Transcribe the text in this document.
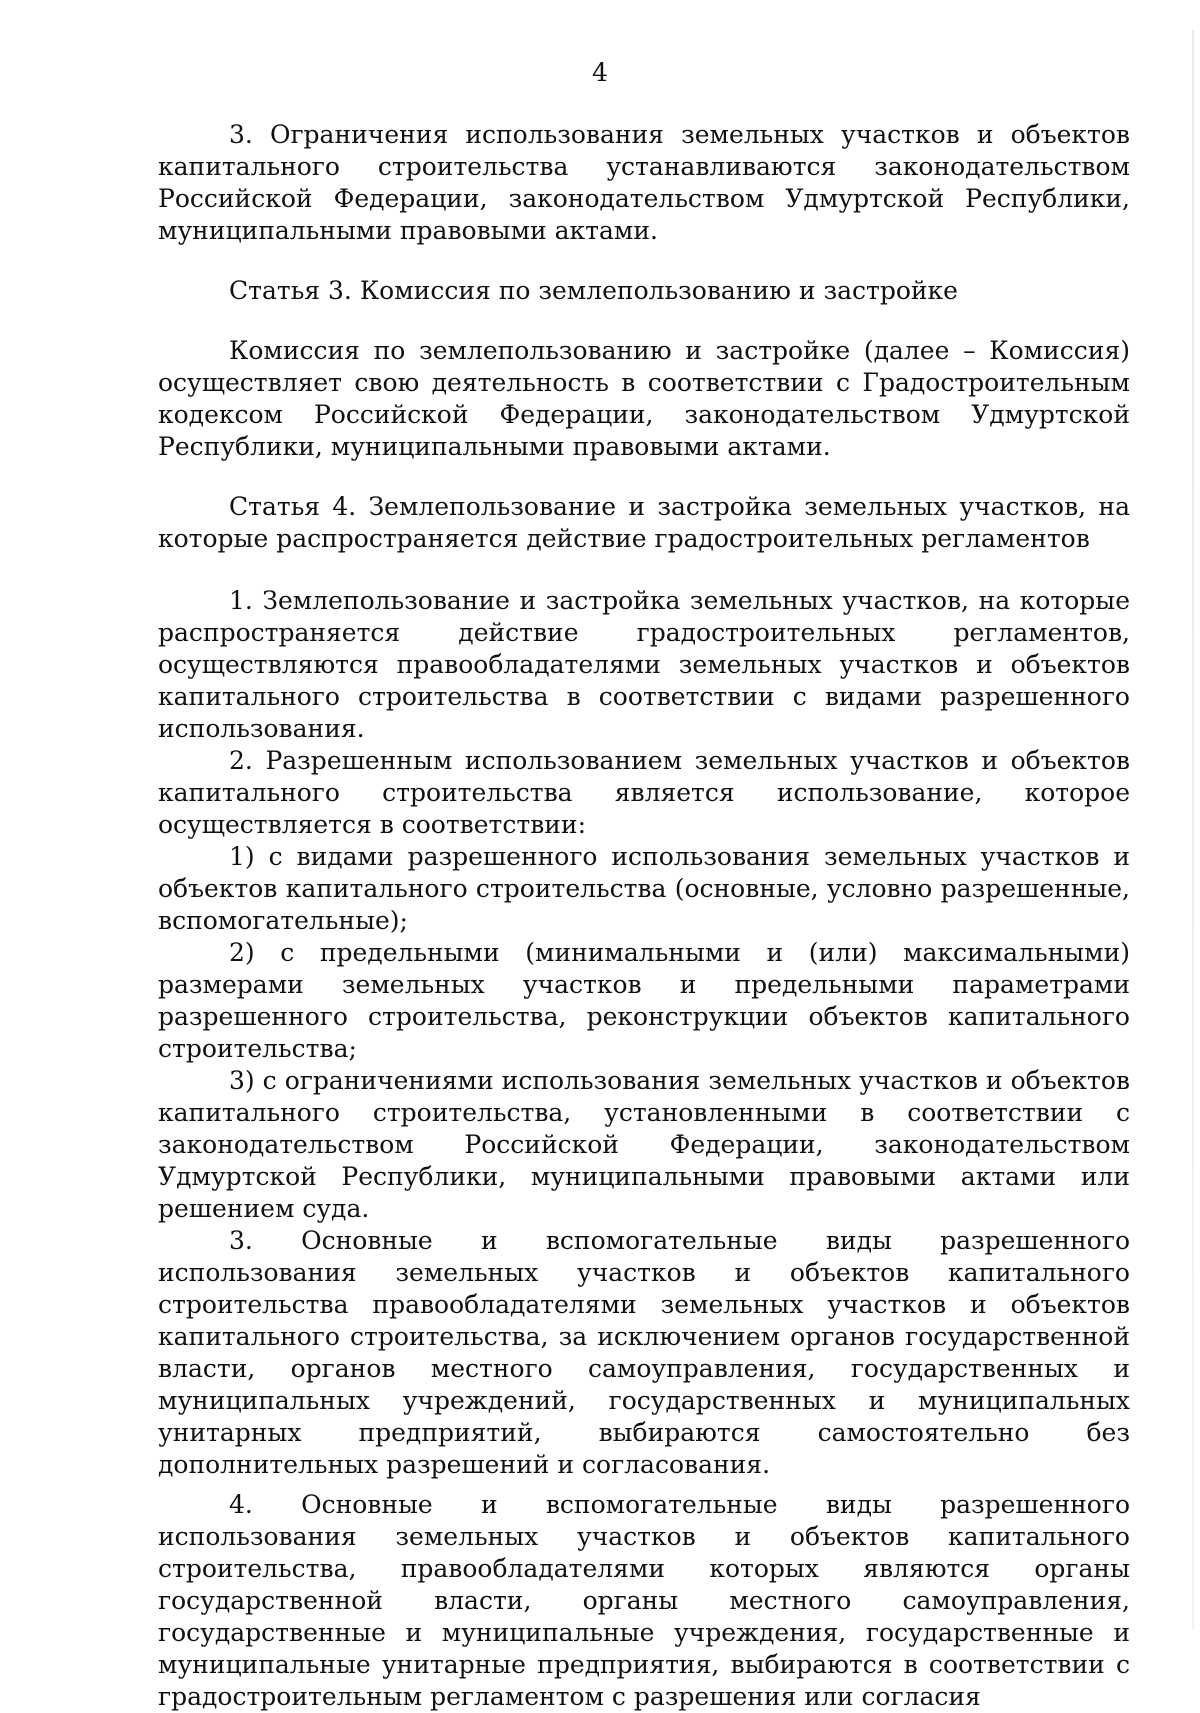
4

3. Ограничения использования земельных участков и объектов капитального строительства устанавливаются законодательством Российской Федерации, законодательством Удмуртской Республики, муниципальными правовыми актами.

Статья 3. Комиссия по землепользованию и застройке

Комиссия по землепользованию и застройке (далее – Комиссия) осуществляет свою деятельность в соответствии с Градостроительным кодексом Российской Федерации, законодательством Удмуртской Республики, муниципальными правовыми актами.

Статья 4. Землепользование и застройка земельных участков, на которые распространяется действие градостроительных регламентов

1. Землепользование и застройка земельных участков, на которые распространяется действие градостроительных регламентов, осуществляются правообладателями земельных участков и объектов капитального строительства в соответствии с видами разрешенного использования.

2. Разрешенным использованием земельных участков и объектов капитального строительства является использование, которое осуществляется в соответствии:

1) с видами разрешенного использования земельных участков и объектов капитального строительства (основные, условно разрешенные, вспомогательные);

2) с предельными (минимальными и (или) максимальными) размерами земельных участков и предельными параметрами разрешенного строительства, реконструкции объектов капитального строительства;

3) с ограничениями использования земельных участков и объектов капитального строительства, установленными в соответствии с законодательством Российской Федерации, законодательством Удмуртской Республики, муниципальными правовыми актами или решением суда.

3. Основные и вспомогательные виды разрешенного использования земельных участков и объектов капитального строительства правообладателями земельных участков и объектов капитального строительства, за исключением органов государственной власти, органов местного самоуправления, государственных и муниципальных учреждений, государственных и муниципальных унитарных предприятий, выбираются самостоятельно без дополнительных разрешений и согласования.

4. Основные и вспомогательные виды разрешенного использования земельных участков и объектов капитального строительства, правообладателями которых являются органы государственной власти, органы местного самоуправления, государственные и муниципальные учреждения, государственные и муниципальные унитарные предприятия, выбираются в соответствии с градостроительным регламентом с разрешения или согласия
